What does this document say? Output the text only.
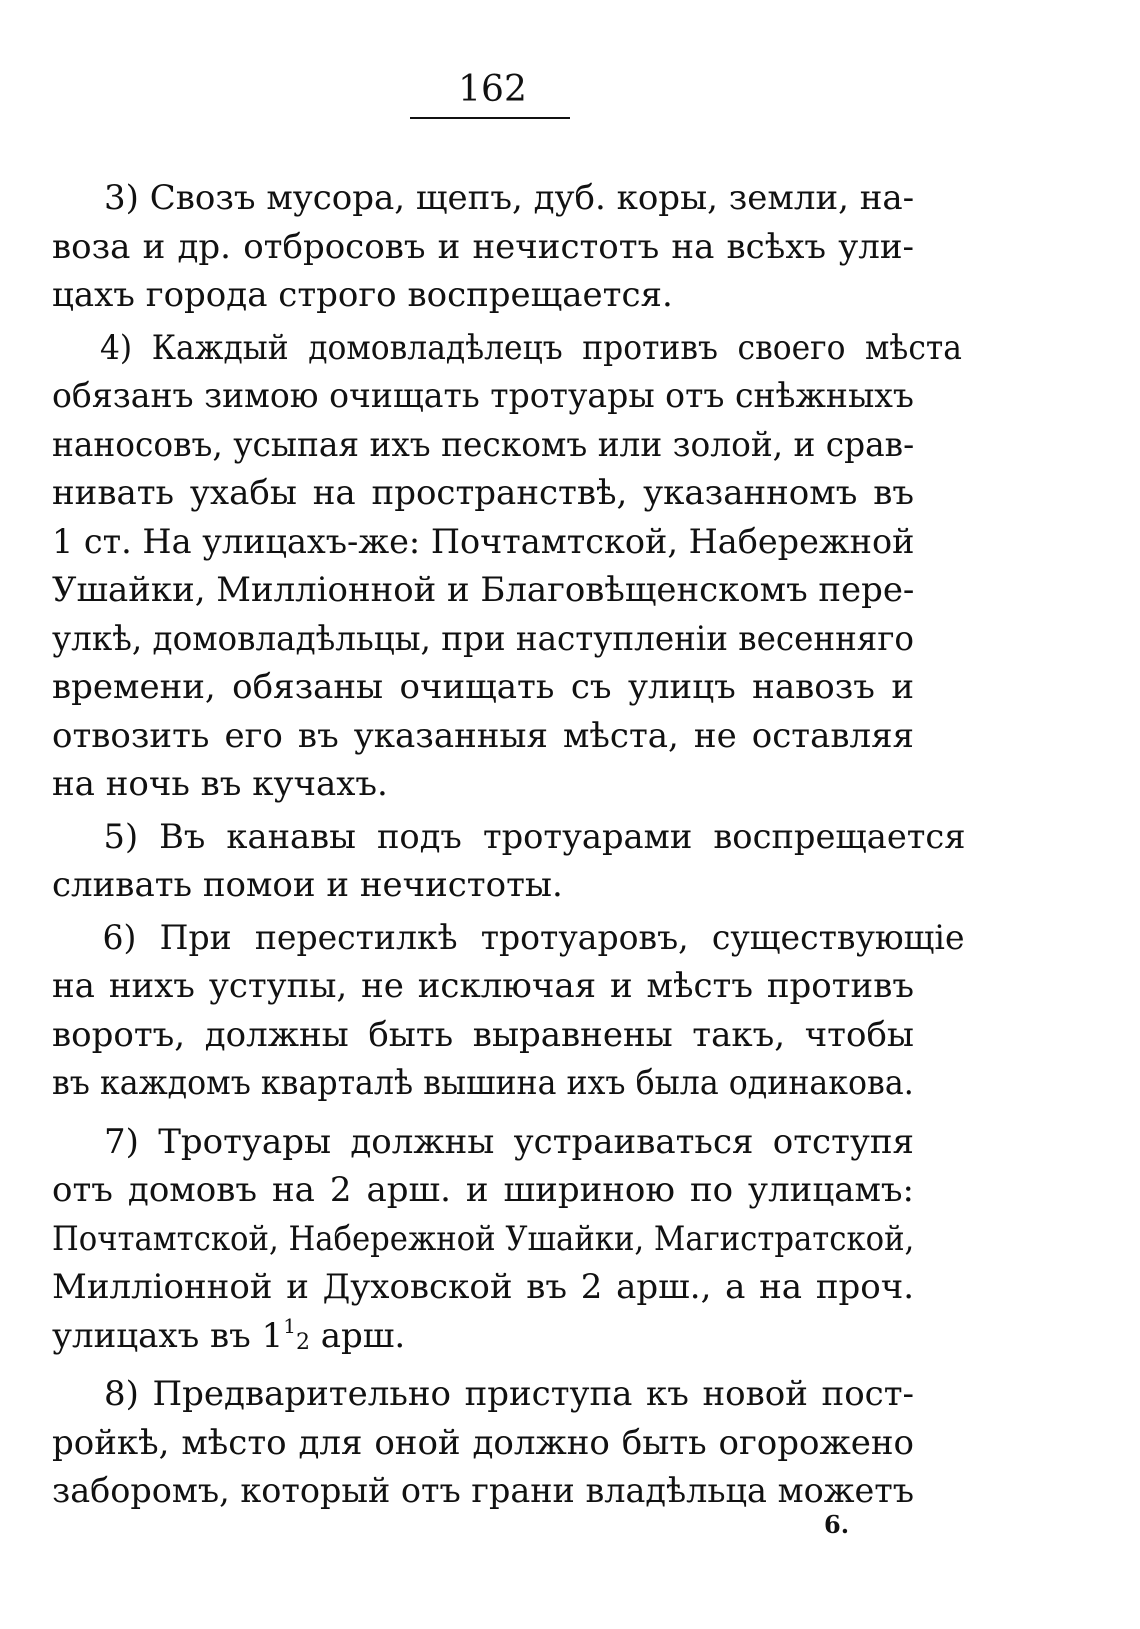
162
3) Свозъ мусора, щепъ, дуб. коры, земли, на-
воза и др. отбросовъ и нечистотъ на всѣхъ ули-
цахъ города строго воспрещается.
4) Каждый домовладѣлецъ противъ своего мѣста
обязанъ зимою очищать тротуары отъ снѣжныхъ
наносовъ, усыпая ихъ пескомъ или золой, и срав-
нивать ухабы на пространствѣ, указанномъ въ
1 ст. На улицахъ-же: Почтамтской, Набережной
Ушайки, Миллiонной и Благовѣщенскомъ пере-
улкѣ, домовладѣльцы, при наступленiи весенняго
времени, обязаны очищать съ улицъ навозъ и
отвозить его въ указанныя мѣста, не оставляя
на ночь въ кучахъ.
5) Въ канавы подъ тротуарами воспрещается
сливать помои и нечистоты.
6) При перестилкѣ тротуаровъ, существующiе
на нихъ уступы, не исключая и мѣстъ противъ
воротъ, должны быть выравнены такъ, чтобы
въ каждомъ кварталѣ вышина ихъ была одинакова.
7) Тротуары должны устраиваться отступя
отъ домовъ на 2 арш. и шириною по улицамъ:
Почтамтской, Набережной Ушайки, Магистратской,
Миллiонной и Духовской въ 2 арш., а на проч.
улицахъ въ $1^1_2$ арш.
8) Предварительно приступа къ новой пост-
ройкѣ, мѣсто для оной должно быть огорожено
заборомъ, который отъ грани владѣльца можетъ
6.
